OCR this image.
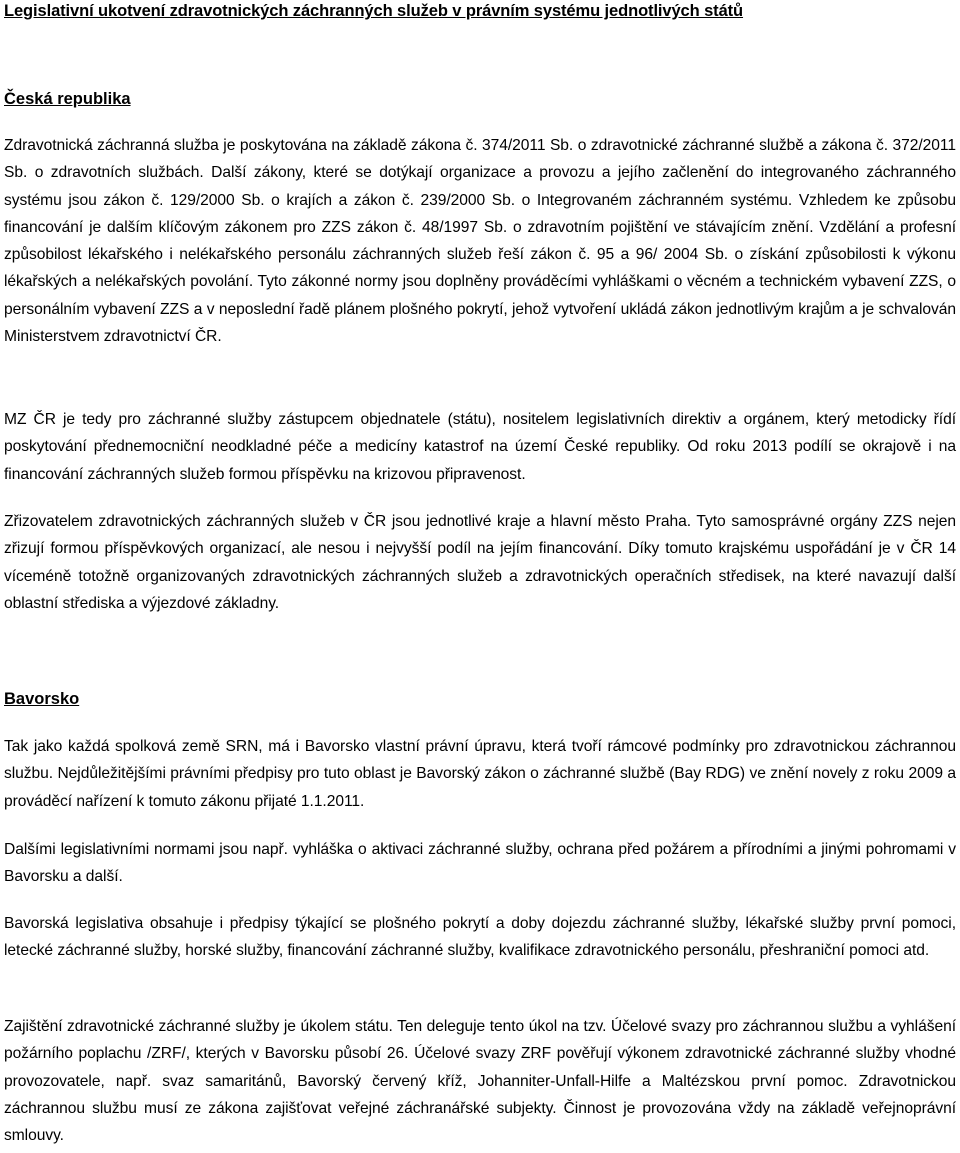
Legislativní ukotvení zdravotnických záchranných služeb v právním systému jednotlivých států
Česká republika

Zdravotnická záchranná služba je poskytována na základě zákona č. 374/2011 Sb. o zdravotnické záchranné službě a zákona č. 372/2011 Sb. o zdravotních službách. Další zákony, které se dotýkají organizace a provozu a jejího začlenění do integrovaného záchranného systému jsou zákon č. 129/2000 Sb. o krajích a zákon č. 239/2000 Sb. o Integrovaném záchranném systému. Vzhledem ke způsobu financování je dalším klíčovým zákonem pro ZZS zákon č. 48/1997 Sb. o zdravotním pojištění ve stávajícím znění. Vzdělání a profesní způsobilost lékařského i nelékařského personálu záchranných služeb řeší zákon č. 95 a 96/ 2004 Sb. o získání způsobilosti k výkonu lékařských a nelékařských povolání. Tyto zákonné normy jsou doplněny prováděcími vyhláškami o věcném a technickém vybavení ZZS, o personálním vybavení ZZS a v neposlední řadě plánem plošného pokrytí, jehož vytvoření ukládá zákon jednotlivým krajům a je schvalován Ministerstvem zdravotnictví ČR.

MZ ČR je tedy pro záchranné služby zástupcem objednatele (státu), nositelem legislativních direktiv a orgánem, který metodicky řídí poskytování přednemocniční neodkladné péče a medicíny katastrof na území České republiky. Od roku 2013 podílí se okrajově i na financování záchranných služeb formou příspěvku na krizovou připravenost.

Zřizovatelem zdravotnických záchranných služeb v ČR jsou jednotlivé kraje a hlavní město Praha. Tyto samosprávné orgány ZZS nejen zřizují formou příspěvkových organizací, ale nesou i nejvyšší podíl na jejím financování. Díky tomuto krajskému uspořádání je v ČR 14 víceméně totožně organizovaných zdravotnických záchranných služeb a zdravotnických operačních středisek, na které navazují další oblastní střediska a výjezdové základny.

Bavorsko

Tak jako každá spolková země SRN, má i Bavorsko vlastní právní úpravu, která tvoří rámcové podmínky pro zdravotnickou záchrannou službu. Nejdůležitějšími právními předpisy pro tuto oblast je Bavorský zákon o záchranné službě (Bay RDG) ve znění novely z roku 2009 a prováděcí nařízení k tomuto zákonu přijaté 1.1.2011.

Dalšími legislativními normami jsou např. vyhláška o aktivaci záchranné služby, ochrana před požárem a přírodními a jinými pohromami v Bavorsku a další.

Bavorská legislativa obsahuje i předpisy týkající se plošného pokrytí a doby dojezdu záchranné služby, lékařské služby první pomoci, letecké záchranné služby, horské služby, financování záchranné služby, kvalifikace zdravotnického personálu, přeshraniční pomoci atd.

Zajištění zdravotnické záchranné služby je úkolem státu. Ten deleguje tento úkol na tzv. Účelové svazy pro záchrannou službu a vyhlášení požárního poplachu /ZRF/, kterých v Bavorsku působí 26. Účelové svazy ZRF pověřují výkonem zdravotnické záchranné služby vhodné provozovatele, např. svaz samaritánů, Bavorský červený kříž, Johanniter-Unfall-Hilfe a Maltézskou první pomoc. Zdravotnickou záchrannou službu musí ze zákona zajišťovat veřejné záchranářské subjekty. Činnost je provozována vždy na základě veřejnoprávní smlouvy.
